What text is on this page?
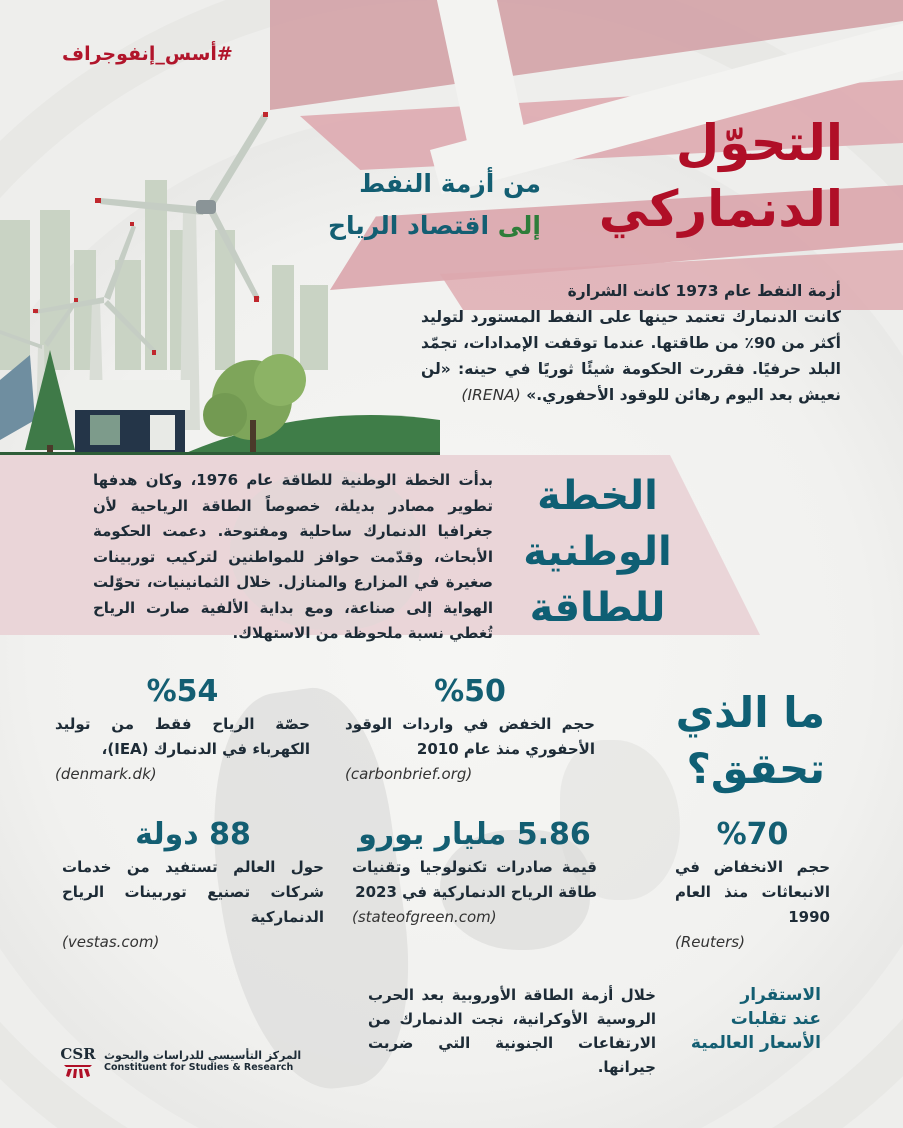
#أسس_إنفوجراف
التحوّل
الدنماركي
من أزمة النفط
إلى اقتصاد الرياح
أزمة النفط عام 1973 كانت الشرارة
كانت الدنمارك تعتمد حينها على النفط المستورد لتوليد أكثر من 90٪ من طاقتها. عندما توقفت الإمدادات، تجمّد البلد حرفيًا. فقررت الحكومة شيئًا ثوريًا في حينه: «لن نعيش بعد اليوم رهائن للوقود الأحفوري.» (IRENA)
الخطة
الوطنية
للطاقة
بدأت الخطة الوطنية للطاقة عام 1976، وكان هدفها تطوير مصادر بديلة، خصوصاً الطاقة الرياحية لأن جغرافيا الدنمارك ساحلية ومفتوحة. دعمت الحكومة الأبحاث، وقدّمت حوافز للمواطنين لتركيب توربينات صغيرة في المزارع والمنازل. خلال الثمانينيات، تحوّلت الهواية إلى صناعة، ومع بداية الألفية صارت الرياح تُغطي نسبة ملحوظة من الاستهلاك.
ما الذي
تحقق؟
%50
حجم الخفض في واردات الوقود الأحفوري منذ عام 2010
(carbonbrief.org)
%54
حصّة الرياح فقط من توليد الكهرباء في الدنمارك (IEA)،
(denmark.dk)
%70
حجم الانخفاض في الانبعاثات منذ العام 1990
(Reuters)
5.86 مليار يورو
قيمة صادرات تكنولوجيا وتقنيات طاقة الرياح الدنماركية في 2023
(stateofgreen.com)
88 دولة
حول العالم تستفيد من خدمات شركات تصنيع توربينات الرياح الدنماركية
(vestas.com)
الاستقرار
عند تقلبات
الأسعار العالمية
خلال أزمة الطاقة الأوروبية بعد الحرب الروسية الأوكرانية، نجت الدنمارك من الارتفاعات الجنونية التي ضربت جيرانها.
CSR المركز التأسيسي للدراسات والبحوث
Constituent for Studies & Research
